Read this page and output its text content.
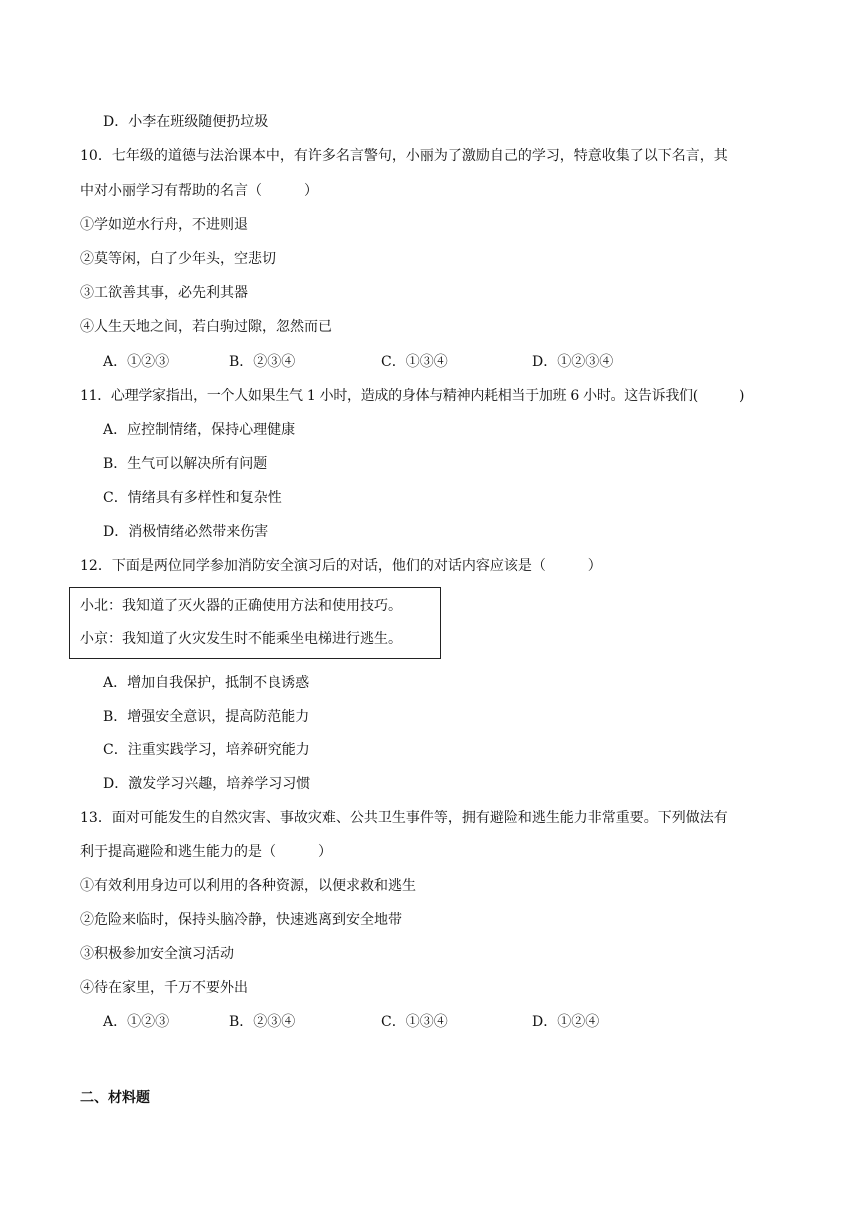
D．小李在班级随便扔垃圾
10．七年级的道德与法治课本中，有许多名言警句，小丽为了激励自己的学习，特意收集了以下名言，其
中对小丽学习有帮助的名言（　　　）
①学如逆水行舟，不进则退
②莫等闲，白了少年头，空悲切
③工欲善其事，必先利其器
④人生天地之间，若白驹过隙，忽然而已
A．①②③	B．②③④	C．①③④	D．①②③④
11．心理学家指出，一个人如果生气 1 小时，造成的身体与精神内耗相当于加班 6 小时。这告诉我们(　　　)
A．应控制情绪，保持心理健康
B．生气可以解决所有问题
C．情绪具有多样性和复杂性
D．消极情绪必然带来伤害
12．下面是两位同学参加消防安全演习后的对话，他们的对话内容应该是（　　　）
小北：我知道了灭火器的正确使用方法和使用技巧。
小京：我知道了火灾发生时不能乘坐电梯进行逃生。
A．增加自我保护，抵制不良诱惑
B．增强安全意识，提高防范能力
C．注重实践学习，培养研究能力
D．激发学习兴趣，培养学习习惯
13．面对可能发生的自然灾害、事故灾难、公共卫生事件等，拥有避险和逃生能力非常重要。下列做法有
利于提高避险和逃生能力的是（　　　）
①有效利用身边可以利用的各种资源，以便求救和逃生
②危险来临时，保持头脑冷静，快速逃离到安全地带
③积极参加安全演习活动
④待在家里，千万不要外出
A．①②③	B．②③④	C．①③④	D．①②④
二、材料题
